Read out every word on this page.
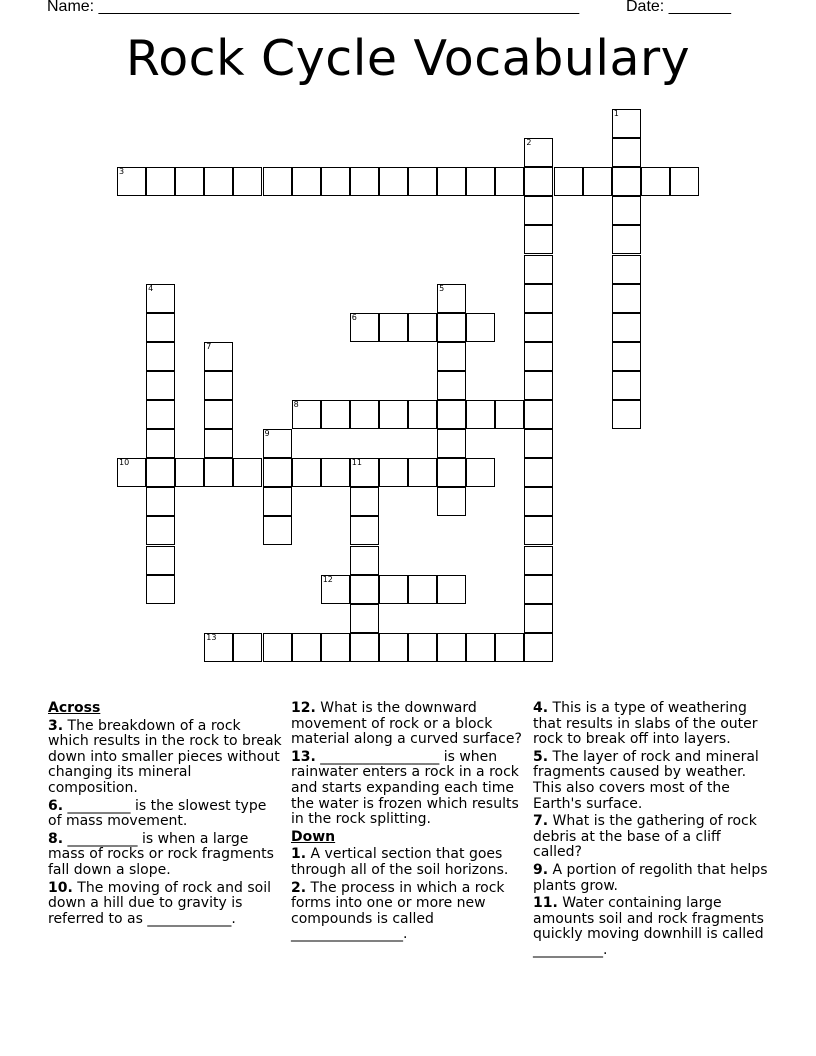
Name: ______________________________________________________	Date: _______
Rock Cycle Vocabulary
1
2
3
4	5
6
7
8
9
10	11
12
13
Across
3. The breakdown of a rock which results in the rock to break down into smaller pieces without changing its mineral composition.
6. _________ is the slowest type of mass movement.
8. __________ is when a large mass of rocks or rock fragments fall down a slope.
10. The moving of rock and soil down a hill due to gravity is referred to as ____________.
12. What is the downward movement of rock or a block material along a curved surface?
13. _________________ is when rainwater enters a rock in a rock and starts expanding each time the water is frozen which results in the rock splitting.
Down
1. A vertical section that goes through all of the soil horizons.
2. The process in which a rock forms into one or more new compounds is called ________________.
4. This is a type of weathering that results in slabs of the outer rock to break off into layers.
5. The layer of rock and mineral fragments caused by weather. This also covers most of the Earth's surface.
7. What is the gathering of rock debris at the base of a cliff called?
9. A portion of regolith that helps plants grow.
11. Water containing large amounts soil and rock fragments quickly moving downhill is called __________.
